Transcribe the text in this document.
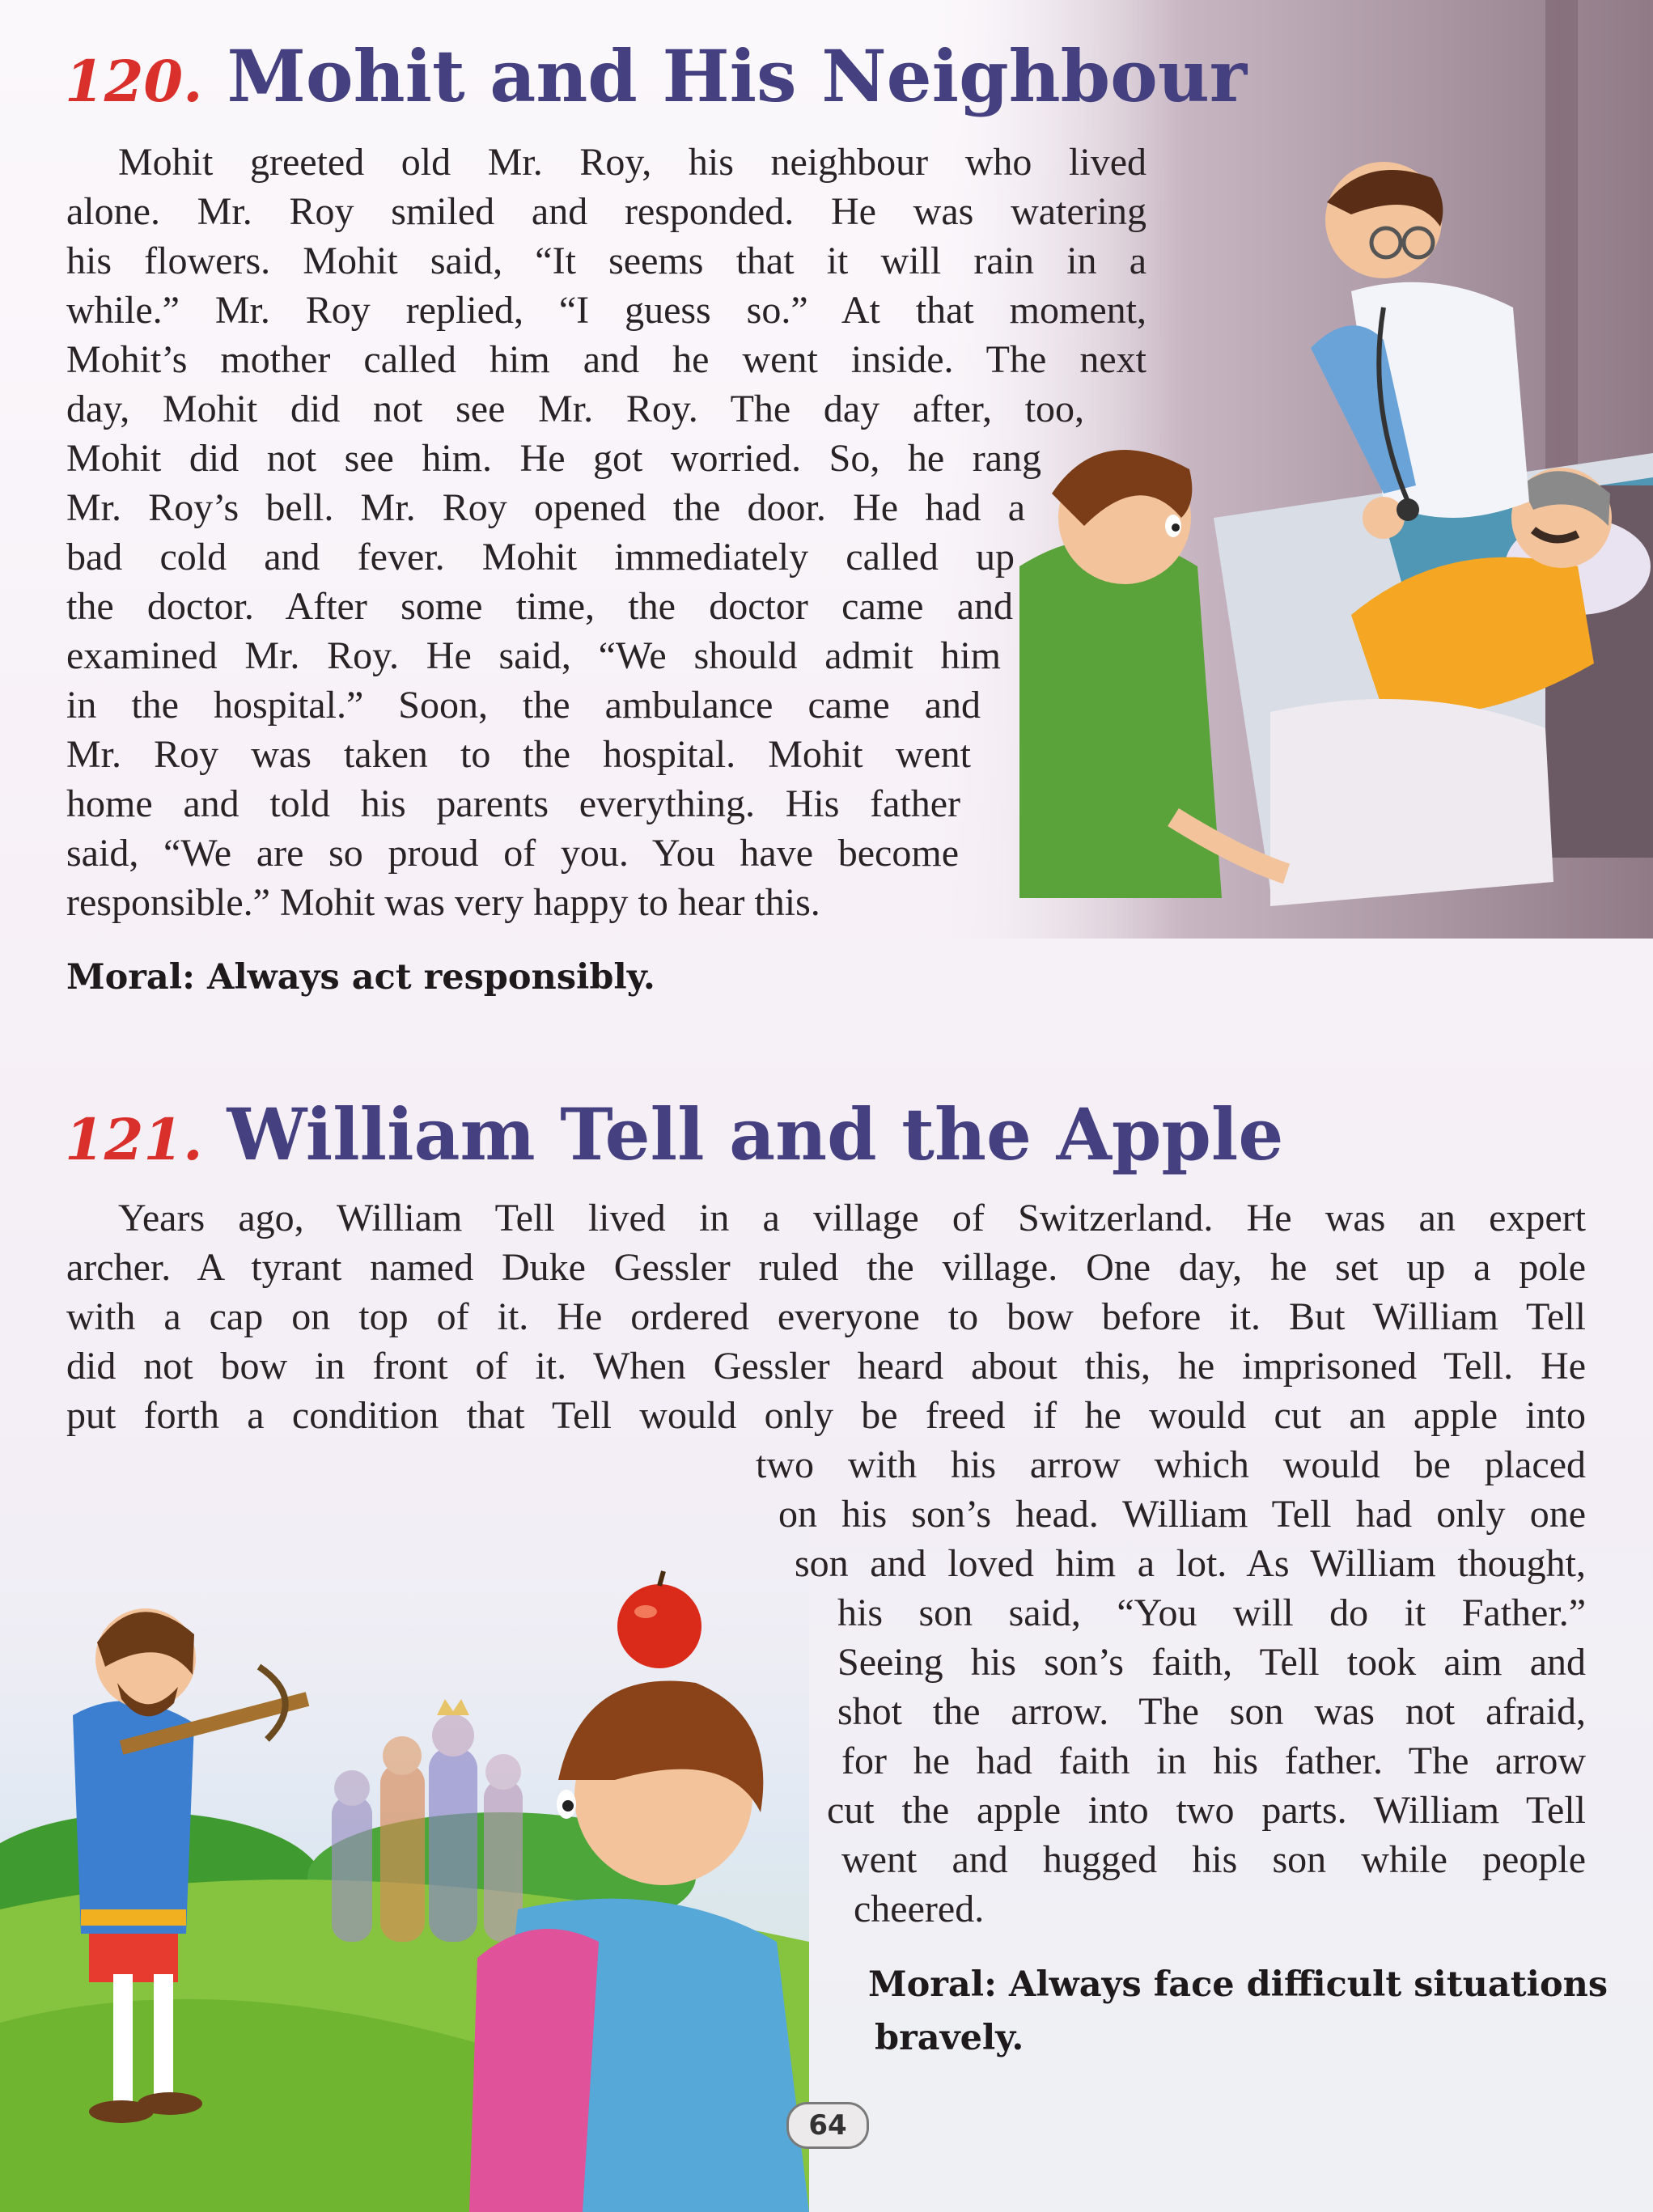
120. Mohit and His Neighbour
Mohit greeted old Mr. Roy, his neighbour who lived
alone. Mr. Roy smiled and responded. He was watering
his flowers. Mohit said, “It seems that it will rain in a
while.” Mr. Roy replied, “I guess so.” At that moment,
Mohit’s mother called him and he went inside. The next
day, Mohit did not see Mr. Roy. The day after, too,
Mohit did not see him. He got worried. So, he rang
Mr. Roy’s bell. Mr. Roy opened the door. He had a
bad cold and fever. Mohit immediately called up
the doctor. After some time, the doctor came and
examined Mr. Roy. He said, “We should admit him
in the hospital.” Soon, the ambulance came and
Mr. Roy was taken to the hospital. Mohit went
home and told his parents everything. His father
said, “We are so proud of you. You have become
responsible.” Mohit was very happy to hear this.
Moral: Always act responsibly.
121. William Tell and the Apple
Years ago, William Tell lived in a village of Switzerland. He was an expert
archer. A tyrant named Duke Gessler ruled the village. One day, he set up a pole
with a cap on top of it. He ordered everyone to bow before it. But William Tell
did not bow in front of it. When Gessler heard about this, he imprisoned Tell. He
put forth a condition that Tell would only be freed if he would cut an apple into
two with his arrow which would be placed
on his son’s head. William Tell had only one
son and loved him a lot. As William thought,
his son said, “You will do it Father.”
Seeing his son’s faith, Tell took aim and
shot the arrow. The son was not afraid,
for he had faith in his father. The arrow
cut the apple into two parts. William Tell
went and hugged his son while people
cheered.
Moral: Always face difficult situations
bravely.
64
